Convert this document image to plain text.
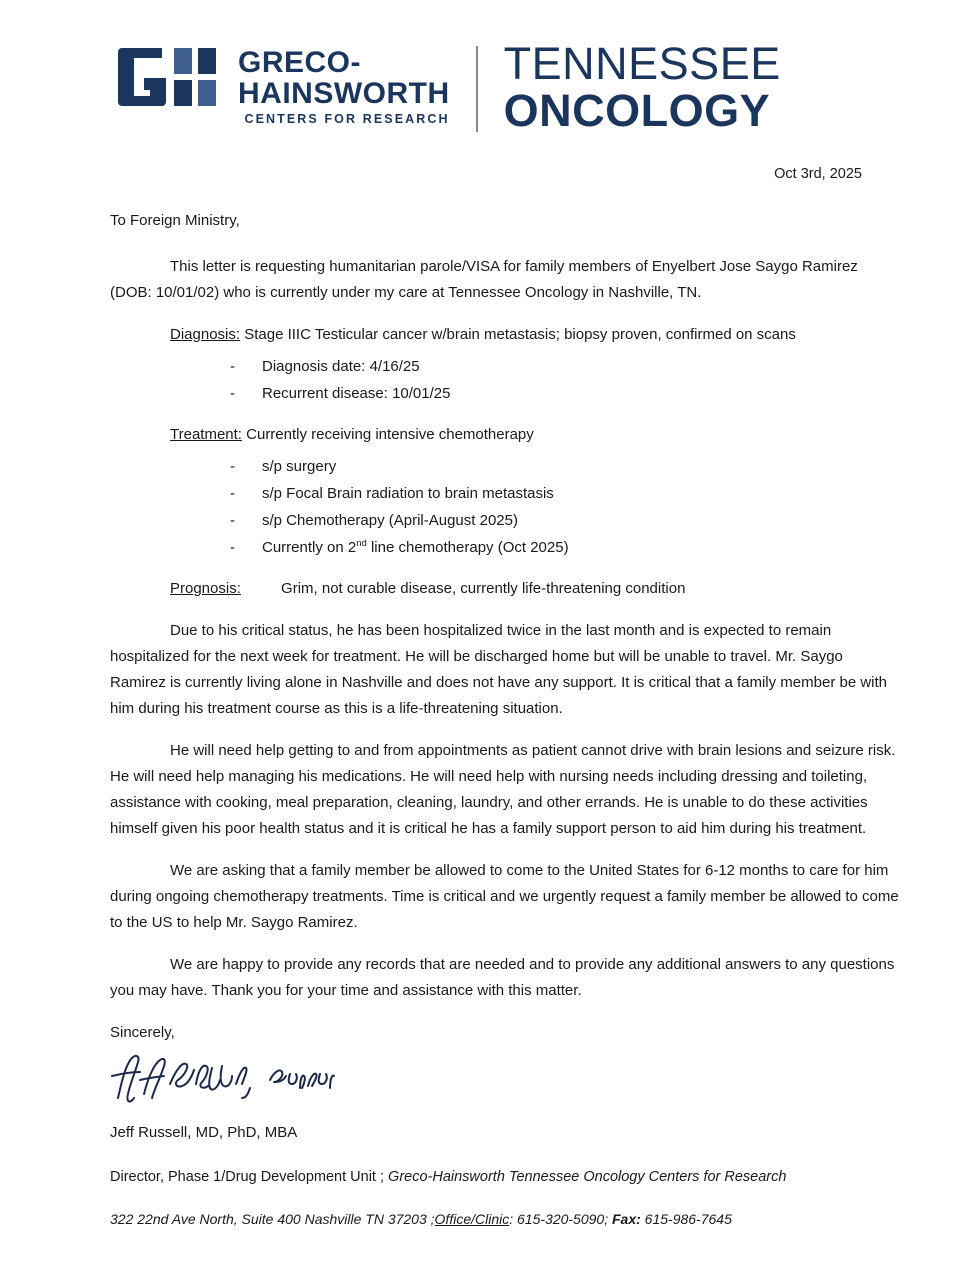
GRECO-
HAINSWORTH
CENTERS FOR RESEARCH
TENNESSEE
ONCOLOGY
Oct 3rd, 2025
To Foreign Ministry,

This letter is requesting humanitarian parole/VISA for family members of Enyelbert Jose Saygo Ramirez (DOB: 10/01/02) who is currently under my care at Tennessee Oncology in Nashville, TN.

Diagnosis: Stage IIIC Testicular cancer w/brain metastasis; biopsy proven, confirmed on scans
- Diagnosis date: 4/16/25
- Recurrent disease: 10/01/25
Treatment: Currently receiving intensive chemotherapy
- s/p surgery
- s/p Focal Brain radiation to brain metastasis
- s/p Chemotherapy (April-August 2025)
- Currently on 2nd line chemotherapy (Oct 2025)
Prognosis:	Grim, not curable disease, currently life-threatening condition

Due to his critical status, he has been hospitalized twice in the last month and is expected to remain hospitalized for the next week for treatment. He will be discharged home but will be unable to travel. Mr. Saygo Ramirez is currently living alone in Nashville and does not have any support. It is critical that a family member be with him during his treatment course as this is a life-threatening situation.

He will need help getting to and from appointments as patient cannot drive with brain lesions and seizure risk. He will need help managing his medications. He will need help with nursing needs including dressing and toileting, assistance with cooking, meal preparation, cleaning, laundry, and other errands. He is unable to do these activities himself given his poor health status and it is critical he has a family support person to aid him during his treatment.

We are asking that a family member be allowed to come to the United States for 6-12 months to care for him during ongoing chemotherapy treatments. Time is critical and we urgently request a family member be allowed to come to the US to help Mr. Saygo Ramirez.

We are happy to provide any records that are needed and to provide any additional answers to any questions you may have. Thank you for your time and assistance with this matter.

Sincerely,
Jeff Russell, MD, PhD, MBA
Director, Phase 1/Drug Development Unit ; Greco-Hainsworth Tennessee Oncology Centers for Research
322 22nd Ave North, Suite 400 Nashville TN 37203 ;Office/Clinic: 615-320-5090; Fax: 615-986-7645
